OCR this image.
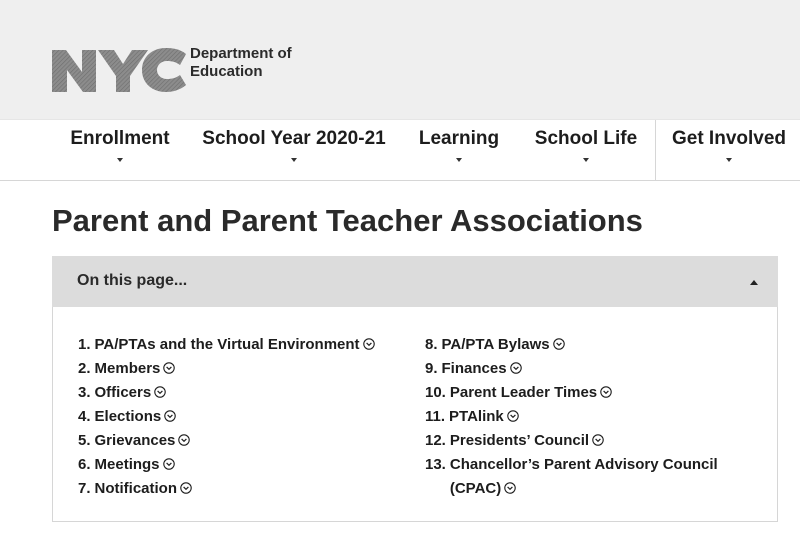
Department of
Education
Enrollment	School Year 2020-21	Learning	School Life	Get Involved
Parent and Parent Teacher Associations
On this page...
1. PA/PTAs and the Virtual Environment
2. Members
3. Officers
4. Elections
5. Grievances
6. Meetings
7. Notification
8. PA/PTA Bylaws
9. Finances
10. Parent Leader Times
11. PTAlink
12. Presidents’ Council
13. Chancellor’s Parent Advisory Council (CPAC)
